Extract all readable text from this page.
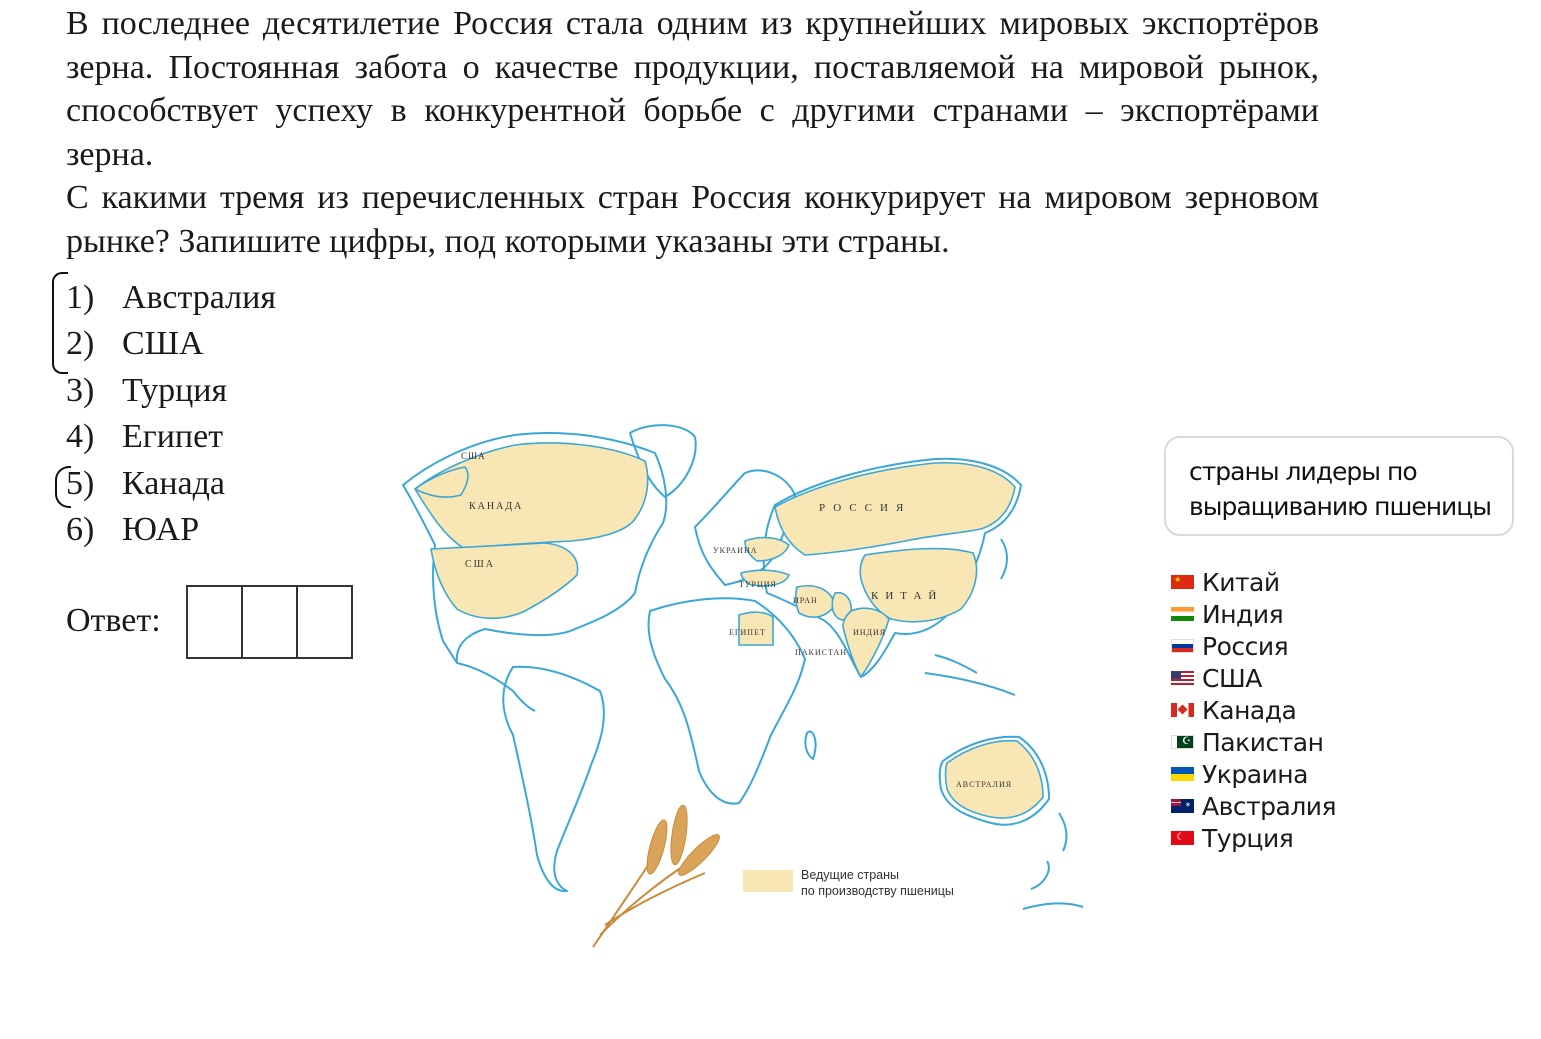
В последнее десятилетие Россия стала одним из крупнейших мировых экспортёров зерна. Постоянная забота о качестве продукции, поставляемой на мировой рынок, способствует успеху в конкурентной борьбе с другими странами – экспортёрами зерна.

С какими тремя из перечисленных стран Россия конкурирует на мировом зерновом рынке? Запишите цифры, под которыми указаны эти страны.

1) Австралия
2) США
3) Турция
4) Египет
5) Канада
6) ЮАР
Ответ:
США
КАНАДА
США
РОССИЯ
УКРАИНА
ТУРЦИЯ
ИРАН	КИТАЙ
ЕГИПЕТ	ИНДИЯ
ПАКИСТАН
АВСТРАЛИЯ
Ведущие страны
по производству пшеницы
страны лидеры по
выращиванию пшеницы
★ Китай
Индия
Россия
США
Канада
☪ Пакистан
Украина
✶ Австралия
☾ Турция
